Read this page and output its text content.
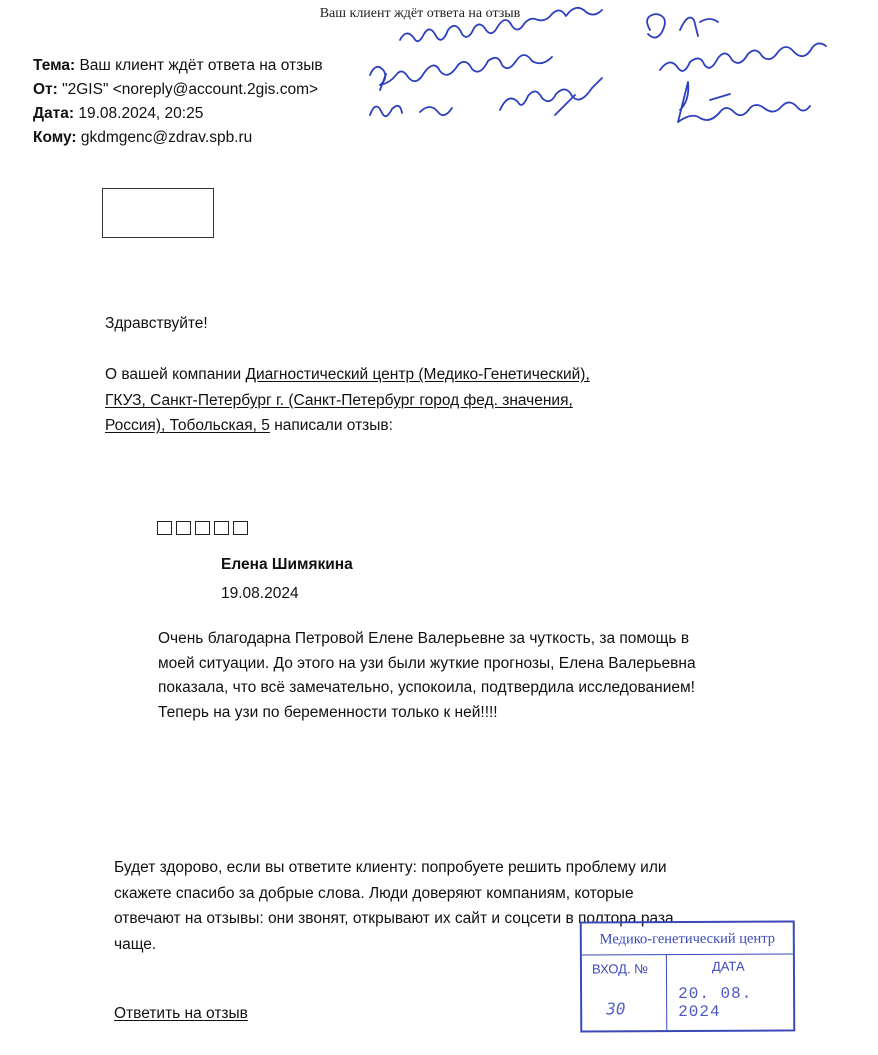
Ваш клиент ждёт ответа на отзыв
Тема: Ваш клиент ждёт ответа на отзыв
От: "2GIS" <noreply@account.2gis.com>
Дата: 19.08.2024, 20:25
Кому: gkdmgenc@zdrav.spb.ru
Здравствуйте!
О вашей компании Диагностический центр (Медико-Генетический),
ГКУЗ, Санкт-Петербург г. (Санкт-Петербург город фед. значения,
Россия), Тобольская, 5 написали отзыв:
Елена Шимякина
19.08.2024
Очень благодарна Петровой Елене Валерьевне за чуткость, за помощь в моей ситуации. До этого на узи были жуткие прогнозы, Елена Валерьевна показала, что всё замечательно, успокоила, подтвердила исследованием! Теперь на узи по беременности только к ней!!!!
Будет здорово, если вы ответите клиенту: попробуете решить проблему или скажете спасибо за добрые слова. Люди доверяют компаниям, которые отвечают на отзывы: они звонят, открывают их сайт и соцсети в полтора раза чаще.
Ответить на отзыв
Медико-генетический центр
ВХОД. №	ДАТА
30
20. 08. 2024
